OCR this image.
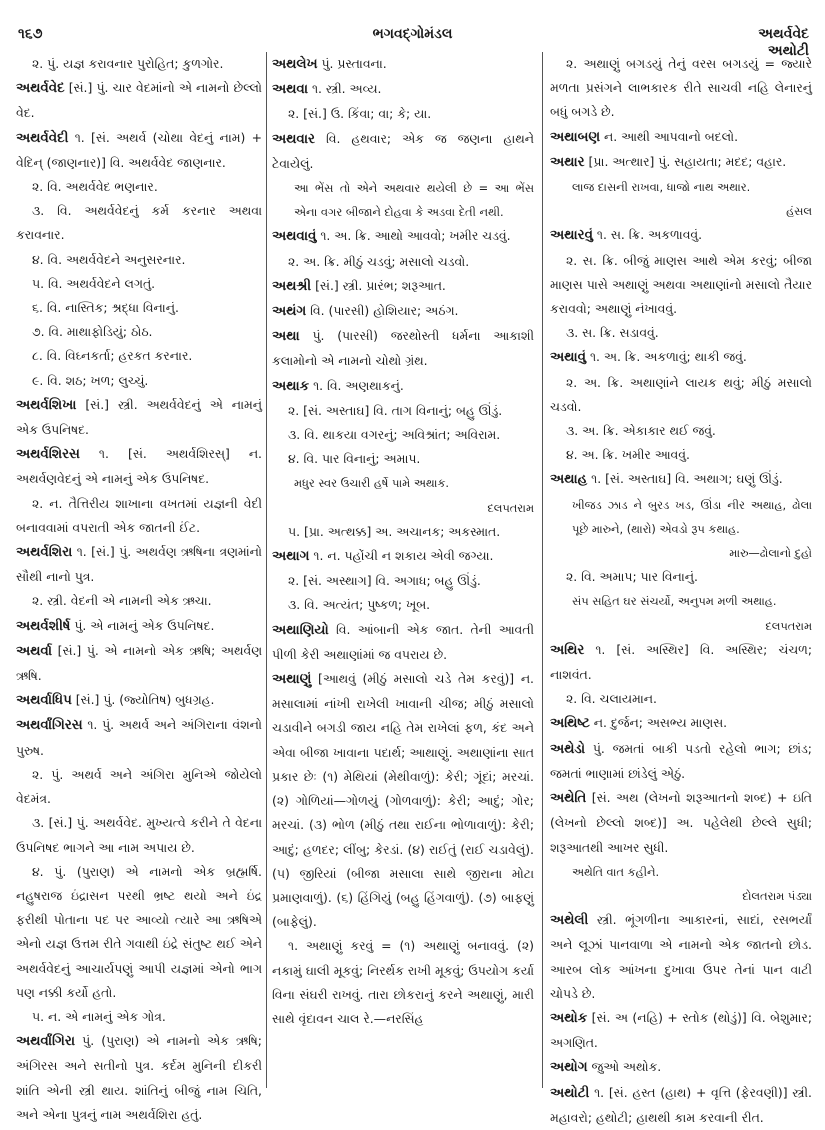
૧૬૭	ભગવદ્ગોમંડલ	અથર્વવેદ
અથોટી

૨. પું. યજ્ઞ કરાવનાર પુરોહિત; કુળગોર.

અથર્વવેદ [સં.] પું. ચાર વેદમાંનો એ નામનો છેલ્લો વેદ.

અથર્વવેદી ૧. [સં. અથર્વ (ચોથા વેદનું નામ) + વેદિન્ (જાણનાર)] વિ. અથર્વવેદ જાણનાર.

૨. વિ. અથર્વવેદ ભણનાર.

૩. વિ. અથર્વવેદનું કર્મ કરનાર અથવા કરાવનાર.

૪. વિ. અથર્વવેદને અનુસરનાર.

૫. વિ. અથર્વવેદને લગતું.

૬. વિ. નાસ્તિક; શ્રદ્ધા વિનાનું.

૭. વિ. માથાફોડિયું; ઠોઠ.

૮. વિ. વિઘ્નકર્તા; હરકત કરનાર.

૯. વિ. શઠ; ખળ; લુચ્ચું.

અથર્વશિખા [સં.] સ્ત્રી. અથર્વવેદનું એ નામનું એક ઉપનિષદ.

અથર્વશિરસ ૧. [સં. અથર્વશિરસ્] ન. અથર્વણવેદનું એ નામનું એક ઉપનિષદ.

૨. ન. તૈત્તિરીય શાખાના વખતમાં યજ્ઞની વેદી બનાવવામાં વપરાતી એક જાતની ઈંટ.

અથર્વશિરા ૧. [સં.] પું. અથર્વણ ઋષિના ત્રણમાંનો સૌથી નાનો પુત્ર.

૨. સ્ત્રી. વેદની એ નામની એક ઋચા.

અથર્વશીર્ષ પું. એ નામનું એક ઉપનિષદ.

અથર્વા [સં.] પું. એ નામનો એક ઋષિ; અથર્વણ ઋષિ.

અથર્વાધિપ [સં.] પું. (જ્યોતિષ) બુધગ્રહ.

અથર્વાંગિરસ ૧. પું. અથર્વ અને અંગિરાના વંશનો પુરુષ.

૨. પું. અથર્વ અને અંગિરા મુનિએ જોયેલો વેદમંત્ર.

૩. [સં.] પું. અથર્વવેદ. મુખ્યત્વે કરીને તે વેદના ઉપનિષદ ભાગને આ નામ અપાય છે.

૪. પું. (પુરાણ) એ નામનો એક બ્રહ્મર્ષિ. નહુષરાજ ઇંદ્રાસન પરથી ભ્રષ્ટ થયો અને ઇંદ્ર ફરીથી પોતાના પદ પર આવ્યો ત્યારે આ ઋષિએ એનો યજ્ઞ ઉત્તમ રીતે ગવાથી ઇંદ્રે સંતુષ્ટ થઈ એને અથર્વવેદનું આચાર્યપણું આપી યજ્ઞમાં એનો ભાગ પણ નક્કી કર્યો હતો.

૫. ન. એ નામનું એક ગોત્ર.

અથર્વાંગિરા પું. (પુરાણ) એ નામનો એક ઋષિ; અંગિરસ અને સતીનો પુત્ર. કર્દમ મુનિની દીકરી શાંતિ એની સ્ત્રી થાય. શાંતિનું બીજું નામ ચિતિ, અને એના પુત્રનું નામ અથર્વશિરા હતું.

અથલેખ પું. પ્રસ્તાવના.

અથવા ૧. સ્ત્રી. અવ્ય.

૨. [સં.] ઉ. કિંવા; વા; કે; યા.

અથવાર વિ. હથવાર; એક જ જણના હાથને ટેવાયેલું.

આ ભેંસ તો એને અથવાર થયેલી છે = આ ભેંસ એના વગર બીજાને દોહવા કે અડવા દેતી નથી.

અથવાવું ૧. અ. ક્રિ. આથો આવવો; ખમીર ચડવું.

૨. અ. ક્રિ. મીઠું ચડવું; મસાલો ચડવો.

અથશ્રી [સં.] સ્ત્રી. પ્રારંભ; શરૂઆત.

અથંગ વિ. (પારસી) હોશિયાર; અઠંગ.

અથા પું. (પારસી) જરથોસ્તી ધર્મના આકાશી કલામોનો એ નામનો ચોથો ગ્રંથ.

અથાક ૧. વિ. અણથાકનું.

૨. [સં. અસ્તાઘ] વિ. તાગ વિનાનું; બહુ ઊંડું.

૩. વિ. થાકયા વગરનું; અવિશ્રાંત; અવિરામ.

૪. વિ. પાર વિનાનું; અમાપ.

મધુર સ્વર ઉચારી હર્ષે પામે અથાક.
દલપતરામ

૫. [પ્રા. અત્થક્ક] અ. અચાનક; અકસ્માત.

અથાગ ૧. ન. પહોંચી ન શકાય એવી જગ્યા.

૨. [સં. અસ્થાગ] વિ. અગાધ; બહુ ઊંડું.

૩. વિ. અત્યંત; પુષ્કળ; ખૂબ.

અથાણિયો વિ. આંબાની એક જાત. તેની આવતી પીળી કેરી અથાણાંમાં જ વપરાય છે.

અથાણું [આથવું (મીઠું મસાલો ચડે તેમ કરવું)] ન. મસાલામાં નાંખી રાખેલી ખાવાની ચીજ; મીઠું મસાલો ચડાવીને બગડી જાય નહિ તેમ રાખેલાં ફળ, કંદ અને એવા બીજા ખાવાના પદાર્થ; આથાણું. અથાણાંના સાત પ્રકાર છેઃ (૧) મેથિયાં (મેથીવાળું): કેરી; ગૂંદાં; મરચાં. (૨) ગોળિયાં—ગોળયું (ગોળવાળું): કેરી; આદું; ગોર; મરચાં. (૩) ભોળ (મીઠું તથા રાઈના ભોળાવાળું): કેરી; આદું; હળદર; લીંબુ; કેરડાં. (૪) રાઈતું (રાઈ ચડાવેલું). (૫) જીરિયાં (બીજા મસાલા સાથે જીરાના મોટા પ્રમાણવાળું). (૬) હિંગિયું (બહુ હિંગવાળું). (૭) બાફણું (બાફેલું).

૧. અથાણું કરવું = (૧) અથાણું બનાવવું. (૨) નકામું ઘાલી મૂકવું; નિરર્થક રાખી મૂકવું; ઉપયોગ કર્યા વિના સંઘરી રાખવું. તારા છોકરાનું કરને અથાણું, મારી સાથે વૃંદાવન ચાલ રે.—નરસિંહ

૨. અથાણું બગડયું તેનું વરસ બગડયું = જ્યારે મળતા પ્રસંગને લાભકારક રીતે સાચવી નહિ લેનારનું બધું બગડે છે.

અથાબણ ન. આથી આપવાનો બદલો.

અથાર [પ્રા. અત્થાર] પું. સહાયતા; મદદ; વહાર.

લાજ દાસની રાખવા, ધાજો નાથ અથાર.
હંસલ

અથારવું ૧. સ. ક્રિ. અકળાવવું.

૨. સ. ક્રિ. બીજું માણસ આથે એમ કરવું; બીજા માણસ પાસે અથાણું અથવા અથાણાંનો મસાલો તૈયાર કરાવવો; અથાણું નંખાવવું.

૩. સ. ક્રિ. સડાવવું.

અથાવું ૧. અ. ક્રિ. અકળાવું; થાકી જવું.

૨. અ. ક્રિ. અથાણાંને લાયક થવું; મીઠું મસાલો ચડવો.

૩. અ. ક્રિ. એકાકાર થઈ જવું.

૪. અ. ક્રિ. ખમીર આવવું.

અથાહ ૧. [સં. અસ્તાઘ] વિ. અથાગ; ઘણું ઊંડું.

ખીજડ ઝાડ ને બુરડ ખડ, ઊંડા નીર અથાહ, ઢોલા પૂછે મારુને, (થારો) એવડો રૂપ કથાહ.
મારુ—ઢોલાનો દુહો

૨. વિ. અમાપ; પાર વિનાનું.

સંપ સહિત ઘર સંચર્યો, અનુપમ મળી અથાહ.
દલપતરામ

અથિર ૧. [સં. અસ્થિર] વિ. અસ્થિર; ચંચળ; નાશવંત.

૨. વિ. ચલાયમાન.

અથિષ્ટ ન. દુર્જન; અસભ્ય માણસ.

અથેડો પું. જમતાં બાકી પડતો રહેલો ભાગ; છાંડ; જમતાં ભાણામાં છાંડેલું એઠું.

અથેતિ [સં. અથ (લેખનો શરૂઆતનો શબ્દ) + ઇતિ (લેખનો છેલ્લો શબ્દ)] અ. પહેલેથી છેલ્લે સુધી; શરૂઆતથી આખર સુધી.

અથેતિ વાત કહીને.
દોલતરામ પંડ્યા

અથેલી સ્ત્રી. ભૂંગળીના આકારનાં, સાદાં, રસભર્યાં અને લૂઝાં પાનવાળા એ નામનો એક જાતનો છોડ. આરબ લોક આંખના દુખાવા ઉપર તેનાં પાન વાટી ચોપડે છે.

અથોક [સં. અ (નહિ) + સ્તોક (થોડું)] વિ. બેશુમાર; અગણિત.

અથોગ જુઓ અથોક.

અથોટી ૧. [સં. હસ્ત (હાથ) + વૃત્તિ (ફેરવણી)] સ્ત્રી. મહાવરો; હથોટી; હાથથી કામ કરવાની રીત.
